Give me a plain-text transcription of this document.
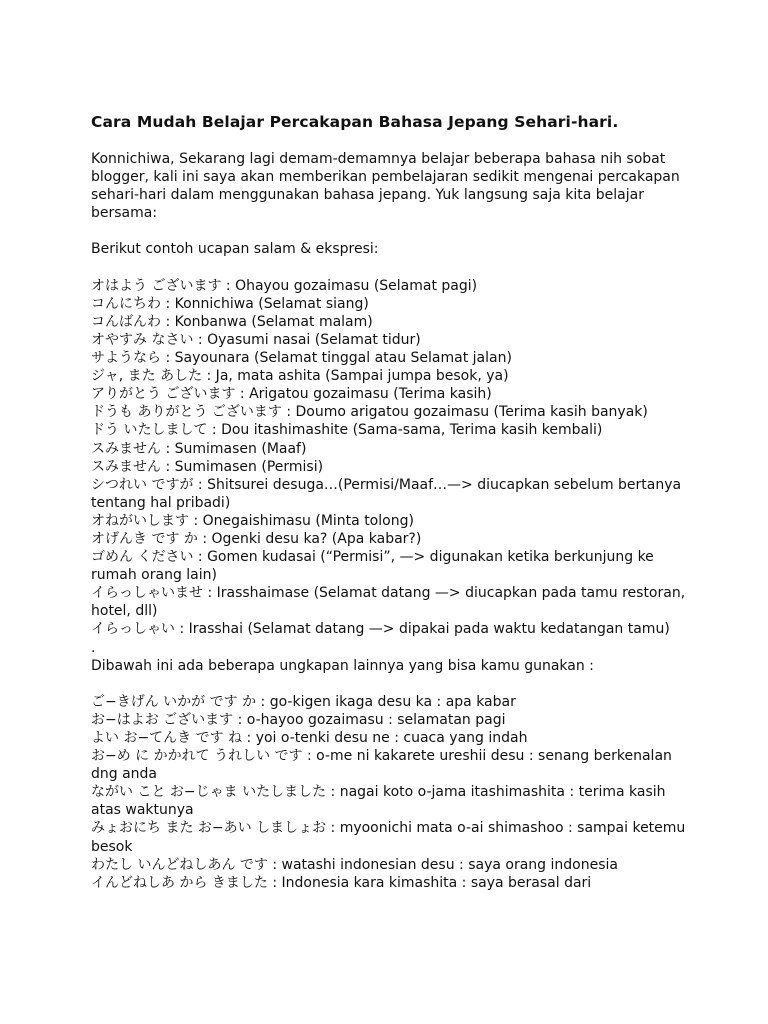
Cara Mudah Belajar Percakapan Bahasa Jepang Sehari-hari.

Konnichiwa, Sekarang lagi demam-demamnya belajar beberapa bahasa nih sobat blogger, kali ini saya akan memberikan pembelajaran sedikit mengenai percakapan sehari-hari dalam menggunakan bahasa jepang. Yuk langsung saja kita belajar bersama:

Berikut contoh ucapan salam & ekspresi:

オはよう ございます : Ohayou gozaimasu (Selamat pagi)

コんにちわ : Konnichiwa (Selamat siang)

コんばんわ : Konbanwa (Selamat malam)

オやすみ なさい : Oyasumi nasai (Selamat tidur)

サようなら : Sayounara (Selamat tinggal atau Selamat jalan)

ジャ, また あした : Ja, mata ashita (Sampai jumpa besok, ya)

アりがとう ございます : Arigatou gozaimasu (Terima kasih)

ドうも ありがとう ございます : Doumo arigatou gozaimasu (Terima kasih banyak)

ドう いたしまして : Dou itashimashite (Sama-sama, Terima kasih kembali)

スみません : Sumimasen (Maaf)

スみません : Sumimasen (Permisi)

シつれい ですが : Shitsurei desuga…(Permisi/Maaf…—> diucapkan sebelum bertanya tentang hal pribadi)

オねがいします : Onegaishimasu (Minta tolong)

オげんき です か : Ogenki desu ka? (Apa kabar?)

ゴめん ください : Gomen kudasai (“Permisi”, —> digunakan ketika berkunjung ke rumah orang lain)

イらっしゃいませ : Irasshaimase (Selamat datang —> diucapkan pada tamu restoran, hotel, dll)

イらっしゃい : Irasshai (Selamat datang —> dipakai pada waktu kedatangan tamu)

.

Dibawah ini ada beberapa ungkapan lainnya yang bisa kamu gunakan :

ご−きげん いかが です か : go-kigen ikaga desu ka : apa kabar

お−はよお ございます : o-hayoo gozaimasu : selamatan pagi

よい お−てんき です ね : yoi o-tenki desu ne : cuaca yang indah

お−め に かかれて うれしい です : o-me ni kakarete ureshii desu : senang berkenalan dng anda

ながい こと お−じゃま いたしました : nagai koto o-jama itashimashita : terima kasih atas waktunya

みょおにち また お−あい しましょお : myoonichi mata o-ai shimashoo : sampai ketemu besok

わたし いんどねしあん です : watashi indonesian desu : saya orang indonesia

イんどねしあ から きました : Indonesia kara kimashita : saya berasal dari
